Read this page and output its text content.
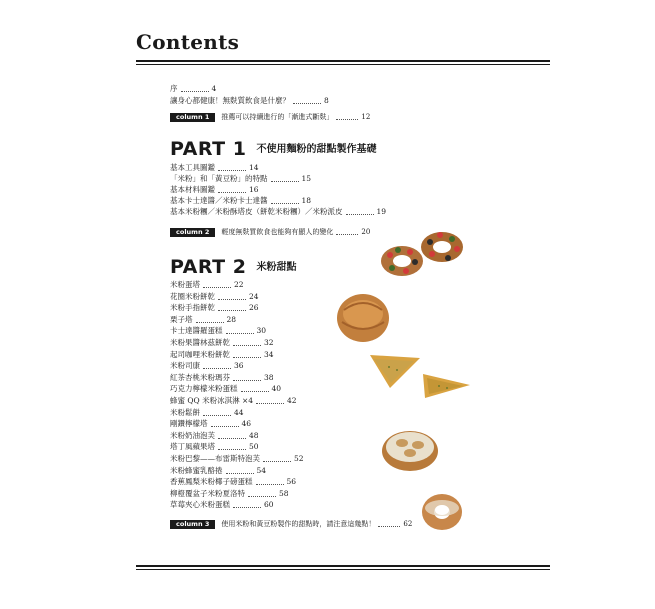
Contents
序	4
讓身心都健康！無麩質飲食是什麼？	8
column 1 推薦可以持續進行的「漸進式斷麩」	12
PART 1 不使用麵粉的甜點製作基礎
基本工具圖鑑	14
「米粉」和「黃豆粉」的特點	15
基本材料圖鑑	16
基本卡士達醬／米粉卡士達醬	18
基本米粉糰／米粉酥塔皮（餅乾米粉糰）／米粉派皮	19
column 2 輕度無麩質飲食也能夠有顯人的變化	20
PART 2 米粉甜點
米粉蛋塔	22
花圈米粉餅乾	24
米粉手指餅乾	26
栗子塔	28
卡士達醬羅蛋糕	30
米粉果醬林茲餅乾	32
起司咖哩米粉餅乾	34
米粉司康	36
紅茶杏桃米粉瑪芬	38
巧克力檸檬米粉蛋糕	40
蜂蜜 QQ 米粉冰淇淋 ×4	42
米粉鬆餅	44
剛鑽檸檬塔	46
米粉奶油泡芙	48
塔丁風蘋果塔	50
米粉巴黎——布雷斯特泡芙	52
米粉蜂蜜乳酪捲	54
香蕉鳳梨米粉椰子磅蛋糕	56
柳橙覆盆子米粉夏洛特	58
草莓夾心米粉蛋糕	60
column 3 使用米粉和黃豆粉製作的甜點時，請注意這幾點！	62
